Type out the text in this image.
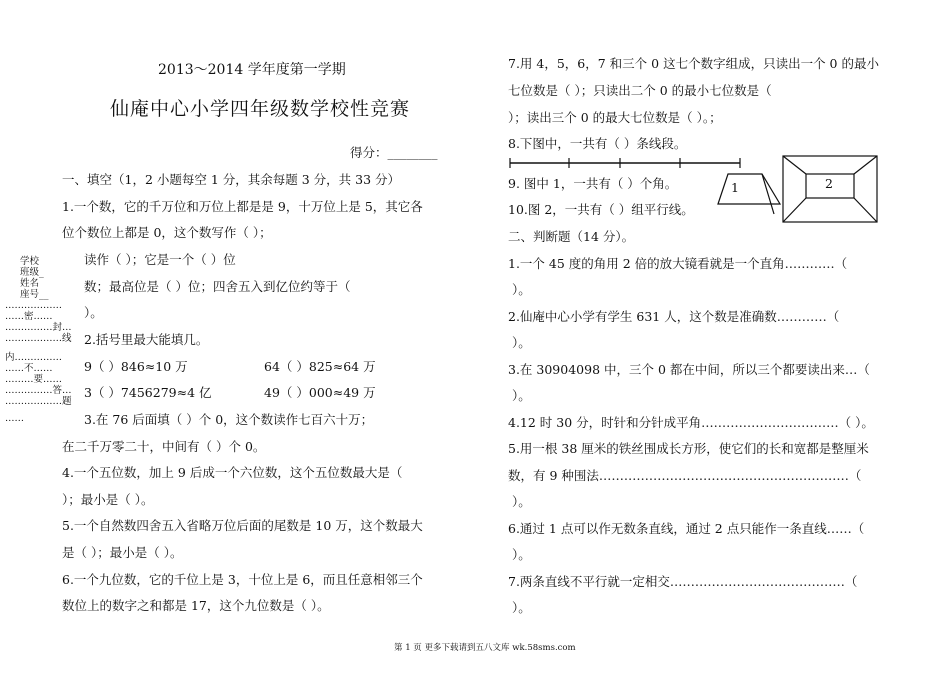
2013～2014 学年度第一学期
仙庵中心小学四年级数学校性竞赛
得分：________
学校
班级_
姓名
座号__
………………
……密……
……………封…
………………线
内……………
……不……
………要……
……………答…
………………题
……
一、填空（1，2 小题每空 1 分，其余每题 3 分，共 33 分）
1.一个数，它的千万位和万位上都是是 9，十万位上是 5，其它各
位个数位上都是 0，这个数写作（ ）；
读作（ ）；它是一个（ ）位
数；最高位是（ ）位；四舍五入到亿位约等于（
）。
2.括号里最大能填几。
9（ ）846≈10 万	64（ ）825≈64 万
3（ ）7456279≈4 亿	49（ ）000≈49 万
3.在 76 后面填（ ）个 0，这个数读作七百六十万；
在二千万零二十，中间有（ ）个 0。
4.一个五位数，加上 9 后成一个六位数，这个五位数最大是（
）；最小是（ ）。
5.一个自然数四舍五入省略万位后面的尾数是 10 万，这个数最大
是（ ）；最小是（ ）。
6.一个九位数，它的千位上是 3，十位上是 6，而且任意相邻三个
数位上的数字之和都是 17，这个九位数是（ ）。
7.用 4，5，6，7 和三个 0 这七个数字组成，只读出一个 0 的最小
七位数是（ ）；只读出二个 0 的最小七位数是（
）；读出三个 0 的最大七位数是（ ）。；
8.下图中，一共有（ ）条线段。
9. 图中 1，一共有（ ）个角。
10.图 2，一共有（ ）组平行线。
1	2
二、判断题（14 分）。
1.一个 45 度的角用 2 倍的放大镜看就是一个直角…………（
）。
2.仙庵中心小学有学生 631 人，这个数是准确数…………（
）。
3.在 30904098 中，三个 0 都在中间，所以三个都要读出来…（
）。
4.12 时 30 分，时针和分针成平角……………………………（ ）。
5.用一根 38 厘米的铁丝围成长方形，使它们的长和宽都是整厘米
数，有 9 种围法……………………………………………………（
）。
6.通过 1 点可以作无数条直线，通过 2 点只能作一条直线……（
）。
7.两条直线不平行就一定相交……………………………………（
）。
第 1 页 更多下载请到五八文库 wk.58sms.com
